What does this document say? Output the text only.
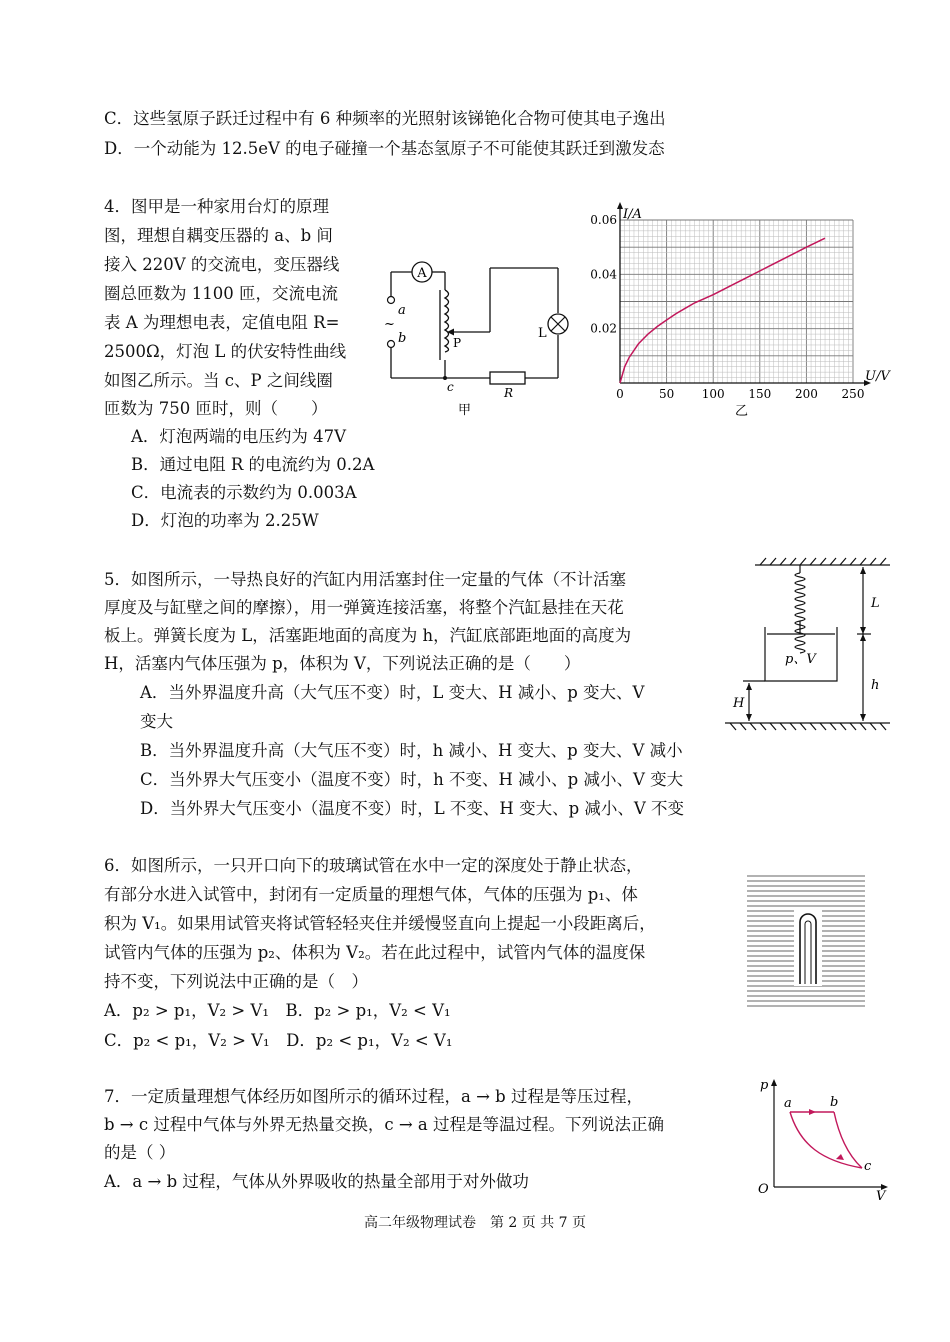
C．这些氢原子跃迁过程中有 6 种频率的光照射该锑铯化合物可使其电子逸出
D．一个动能为 12.5eV 的电子碰撞一个基态氢原子不可能使其跃迁到激发态
4．图甲是一种家用台灯的原理
图，理想自耦变压器的 a、b 间
接入 220V 的交流电，变压器线
圈总匝数为 1100 匝，交流电流
表 A 为理想电表，定值电阻 R=
2500Ω，灯泡 L 的伏安特性曲线
如图乙所示。当 c、P 之间线圈
匝数为 750 匝时，则（　　）
A．灯泡两端的电压约为 47V
B．通过电阻 R 的电流约为 0.2A
C．电流表的示数约为 0.003A
D．灯泡的功率为 2.25W
A
a
~
b	P
c	R
L
甲
0	50 100 150 200 250
0.02
0.04
0.06 I/A
U/V
乙
5．如图所示，一导热良好的汽缸内用活塞封住一定量的气体（不计活塞
厚度及与缸壁之间的摩擦），用一弹簧连接活塞，将整个汽缸悬挂在天花
板上。弹簧长度为 L，活塞距地面的高度为 h，汽缸底部距地面的高度为
H，活塞内气体压强为 p，体积为 V，下列说法正确的是（　　）
A．当外界温度升高（大气压不变）时，L 变大、H 减小、p 变大、V
变大
B．当外界温度升高（大气压不变）时，h 减小、H 变大、p 变大、V 减小
C．当外界大气压变小（温度不变）时，h 不变、H 减小、p 减小、V 变大
D．当外界大气压变小（温度不变）时，L 不变、H 变大、p 减小、V 不变
p、V
L
h
H
6．如图所示，一只开口向下的玻璃试管在水中一定的深度处于静止状态，
有部分水进入试管中，封闭有一定质量的理想气体，气体的压强为 p₁、体
积为 V₁。如果用试管夹将试管轻轻夹住并缓慢竖直向上提起一小段距离后，
试管内气体的压强为 p₂、体积为 V₂。若在此过程中，试管内气体的温度保
持不变，下列说法中正确的是（　）
A．p₂ > p₁，V₂ > V₁　B．p₂ > p₁，V₂ < V₁
C．p₂ < p₁，V₂ > V₁　D．p₂ < p₁，V₂ < V₁
7．一定质量理想气体经历如图所示的循环过程，a → b 过程是等压过程，
b → c 过程中气体与外界无热量交换，c → a 过程是等温过程。下列说法正确
的是（ ）
A．a → b 过程，气体从外界吸收的热量全部用于对外做功
p
V
O
a	b
c
高二年级物理试卷　第 2 页 共 7 页
